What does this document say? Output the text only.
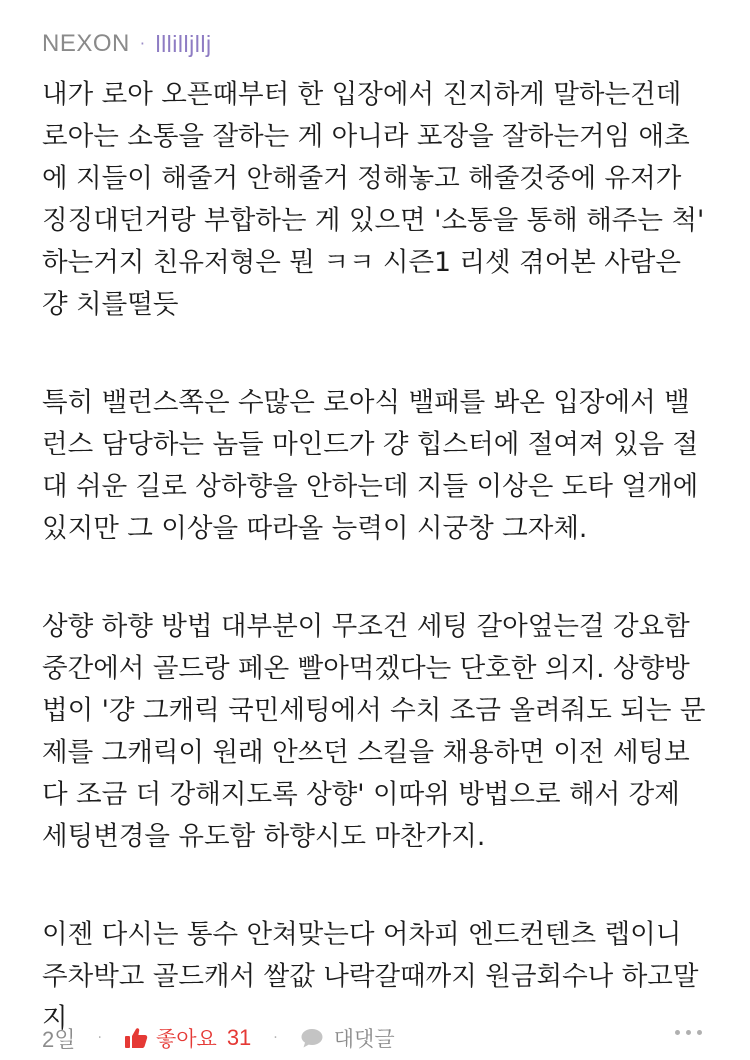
NEXON · lllilljllj

내가 로아 오픈때부터 한 입장에서 진지하게 말하는건데
로아는 소통을 잘하는 게 아니라 포장을 잘하는거임 애초
에 지들이 해줄거 안해줄거 정해놓고 해줄것중에 유저가
징징대던거랑 부합하는 게 있으면 '소통을 통해 해주는 척'
하는거지 친유저형은 뭔 ㅋㅋ 시즌1 리셋 겪어본 사람은
걍 치를떨듯

특히 밸런스쪽은 수많은 로아식 밸패를 봐온 입장에서 밸
런스 담당하는 놈들 마인드가 걍 힙스터에 절여져 있음 절
대 쉬운 길로 상하향을 안하는데 지들 이상은 도타 얼개에
있지만 그 이상을 따라올 능력이 시궁창 그자체.

상향 하향 방법 대부분이 무조건 세팅 갈아엎는걸 강요함
중간에서 골드랑 페온 빨아먹겠다는 단호한 의지. 상향방
법이 '걍 그캐릭 국민세팅에서 수치 조금 올려줘도 되는 문
제를 그캐릭이 원래 안쓰던 스킬을 채용하면 이전 세팅보
다 조금 더 강해지도록 상향' 이따위 방법으로 해서 강제
세팅변경을 유도함 하향시도 마찬가지.

이젠 다시는 통수 안쳐맞는다 어차피 엔드컨텐츠 렙이니
주차박고 골드캐서 쌀값 나락갈때까지 원금회수나 하고말
지

2일 ·	좋아요 31 ·	대댓글
